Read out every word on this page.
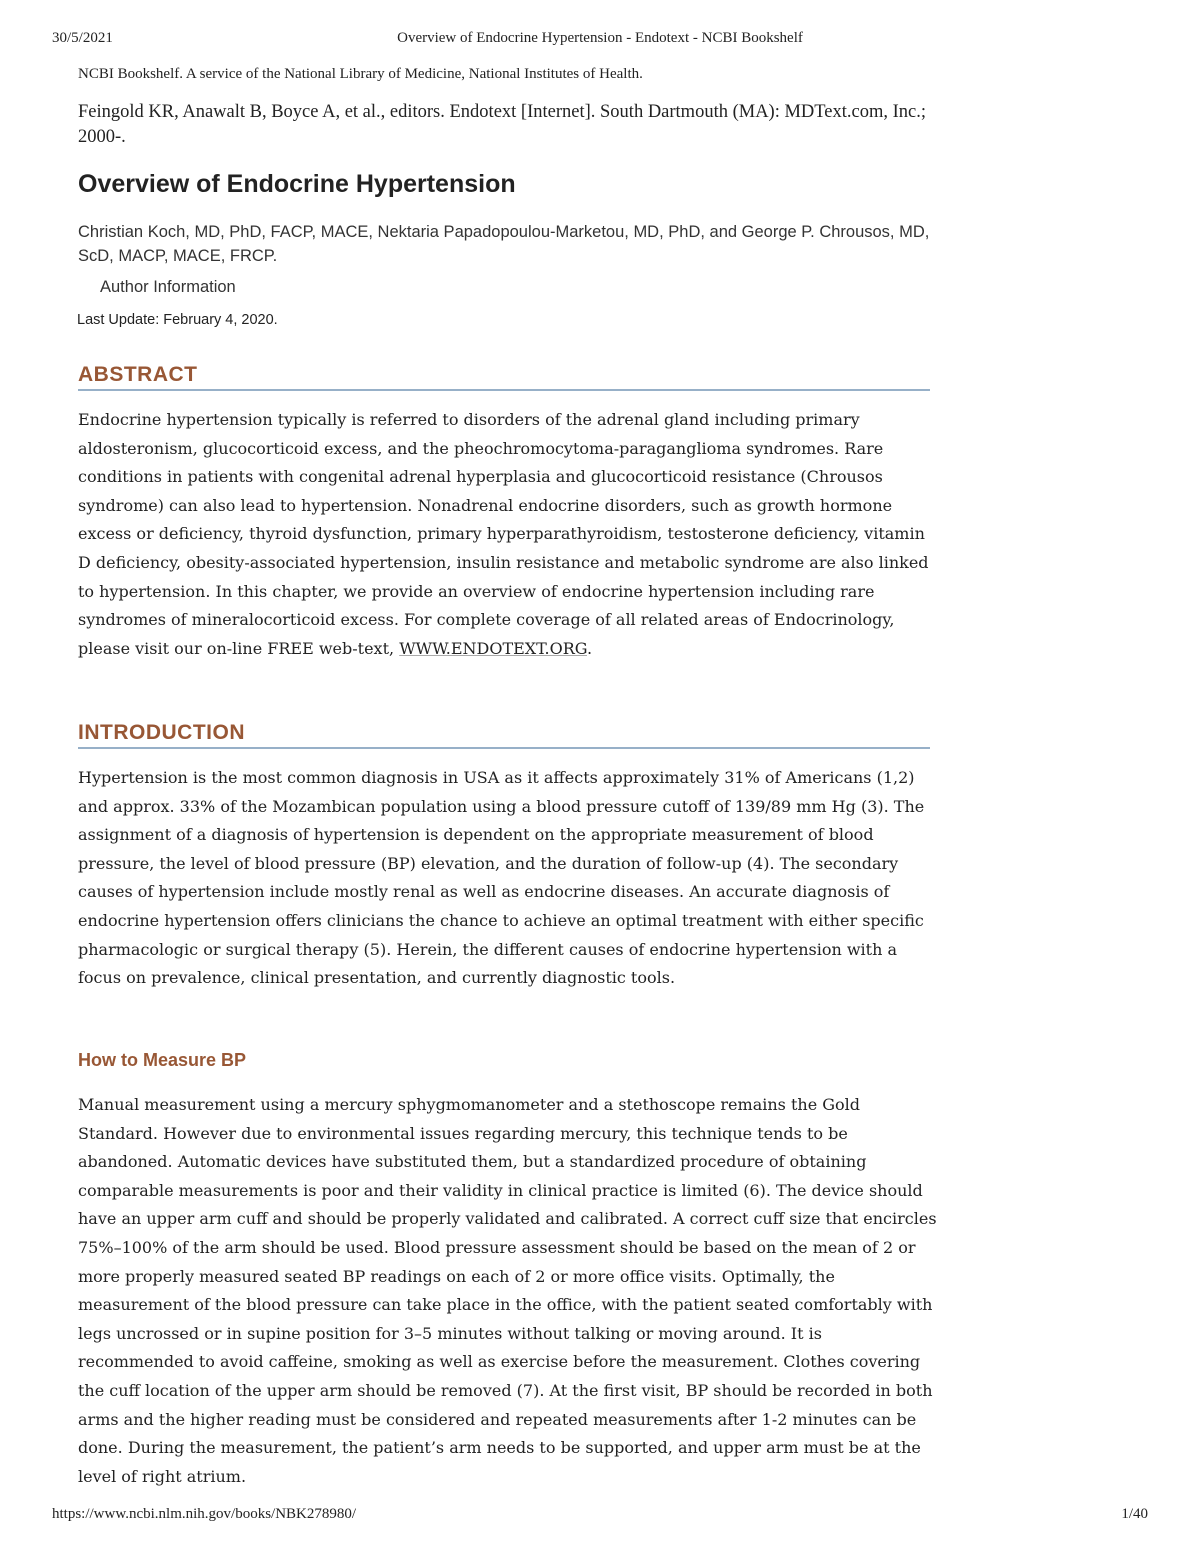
30/5/2021	Overview of Endocrine Hypertension - Endotext - NCBI Bookshelf
NCBI Bookshelf. A service of the National Library of Medicine, National Institutes of Health.
Feingold KR, Anawalt B, Boyce A, et al., editors. Endotext [Internet]. South Dartmouth (MA): MDText.com, Inc.; 2000-.
Overview of Endocrine Hypertension
Christian Koch, MD, PhD, FACP, MACE, Nektaria Papadopoulou-Marketou, MD, PhD, and George P. Chrousos, MD, ScD, MACP, MACE, FRCP.
Author Information
Last Update: February 4, 2020.
ABSTRACT

Endocrine hypertension typically is referred to disorders of the adrenal gland including primary aldosteronism, glucocorticoid excess, and the pheochromocytoma-paraganglioma syndromes. Rare conditions in patients with congenital adrenal hyperplasia and glucocorticoid resistance (Chrousos syndrome) can also lead to hypertension. Nonadrenal endocrine disorders, such as growth hormone excess or deficiency, thyroid dysfunction, primary hyperparathyroidism, testosterone deficiency, vitamin D deficiency, obesity-associated hypertension, insulin resistance and metabolic syndrome are also linked to hypertension. In this chapter, we provide an overview of endocrine hypertension including rare syndromes of mineralocorticoid excess. For complete coverage of all related areas of Endocrinology, please visit our on-line FREE web-text, WWW.ENDOTEXT.ORG.

INTRODUCTION

Hypertension is the most common diagnosis in USA as it affects approximately 31% of Americans (1,2) and approx. 33% of the Mozambican population using a blood pressure cutoff of 139/89 mm Hg (3). The assignment of a diagnosis of hypertension is dependent on the appropriate measurement of blood pressure, the level of blood pressure (BP) elevation, and the duration of follow-up (4). The secondary causes of hypertension include mostly renal as well as endocrine diseases. An accurate diagnosis of endocrine hypertension offers clinicians the chance to achieve an optimal treatment with either specific pharmacologic or surgical therapy (5). Herein, the different causes of endocrine hypertension with a focus on prevalence, clinical presentation, and currently diagnostic tools.

How to Measure BP

Manual measurement using a mercury sphygmomanometer and a stethoscope remains the Gold Standard. However due to environmental issues regarding mercury, this technique tends to be abandoned. Automatic devices have substituted them, but a standardized procedure of obtaining comparable measurements is poor and their validity in clinical practice is limited (6). The device should have an upper arm cuff and should be properly validated and calibrated. A correct cuff size that encircles 75%–100% of the arm should be used. Blood pressure assessment should be based on the mean of 2 or more properly measured seated BP readings on each of 2 or more office visits. Optimally, the measurement of the blood pressure can take place in the office, with the patient seated comfortably with legs uncrossed or in supine position for 3–5 minutes without talking or moving around. It is recommended to avoid caffeine, smoking as well as exercise before the measurement. Clothes covering the cuff location of the upper arm should be removed (7). At the first visit, BP should be recorded in both arms and the higher reading must be considered and repeated measurements after 1-2 minutes can be done. During the measurement, the patient’s arm needs to be supported, and upper arm must be at the level of right atrium.

https://www.ncbi.nlm.nih.gov/books/NBK278980/	1/40
